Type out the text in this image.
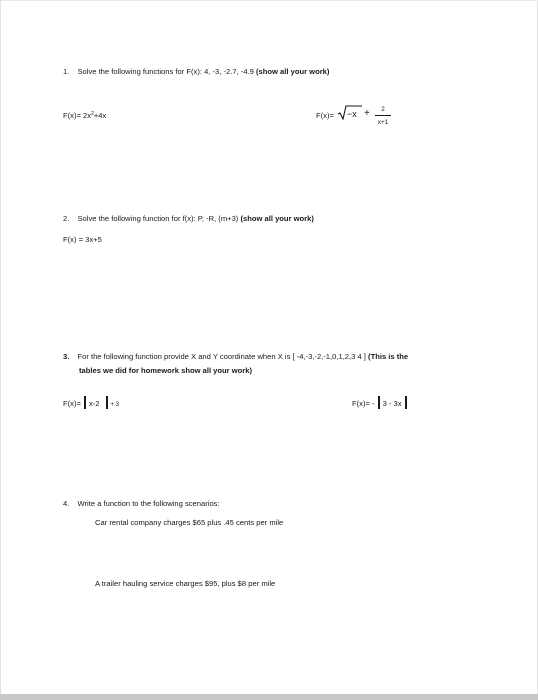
1. Solve the following functions for F(x): 4, -3, -2.7, -4.9 (show all your work)
$F(x)= 2x^2+4x$	F(x)= −x +	2
x+1
2. Solve the following function for f(x): P, -R, (m+3) (show all your work)
F(x) = 3x+5
3. For the following function provide X and Y coordinate when X is [ -4,-3,-2,-1,0,1,2,3 4 ] (This is the
tables we did for homework show all your work)
F(x)= x-2 + 3	F(x)= - 3 - 3x
4. Write a function to the following scenarios:
Car rental company charges $65 plus .45 cents per mile
A trailer hauling service charges $95, plus $8 per mile
